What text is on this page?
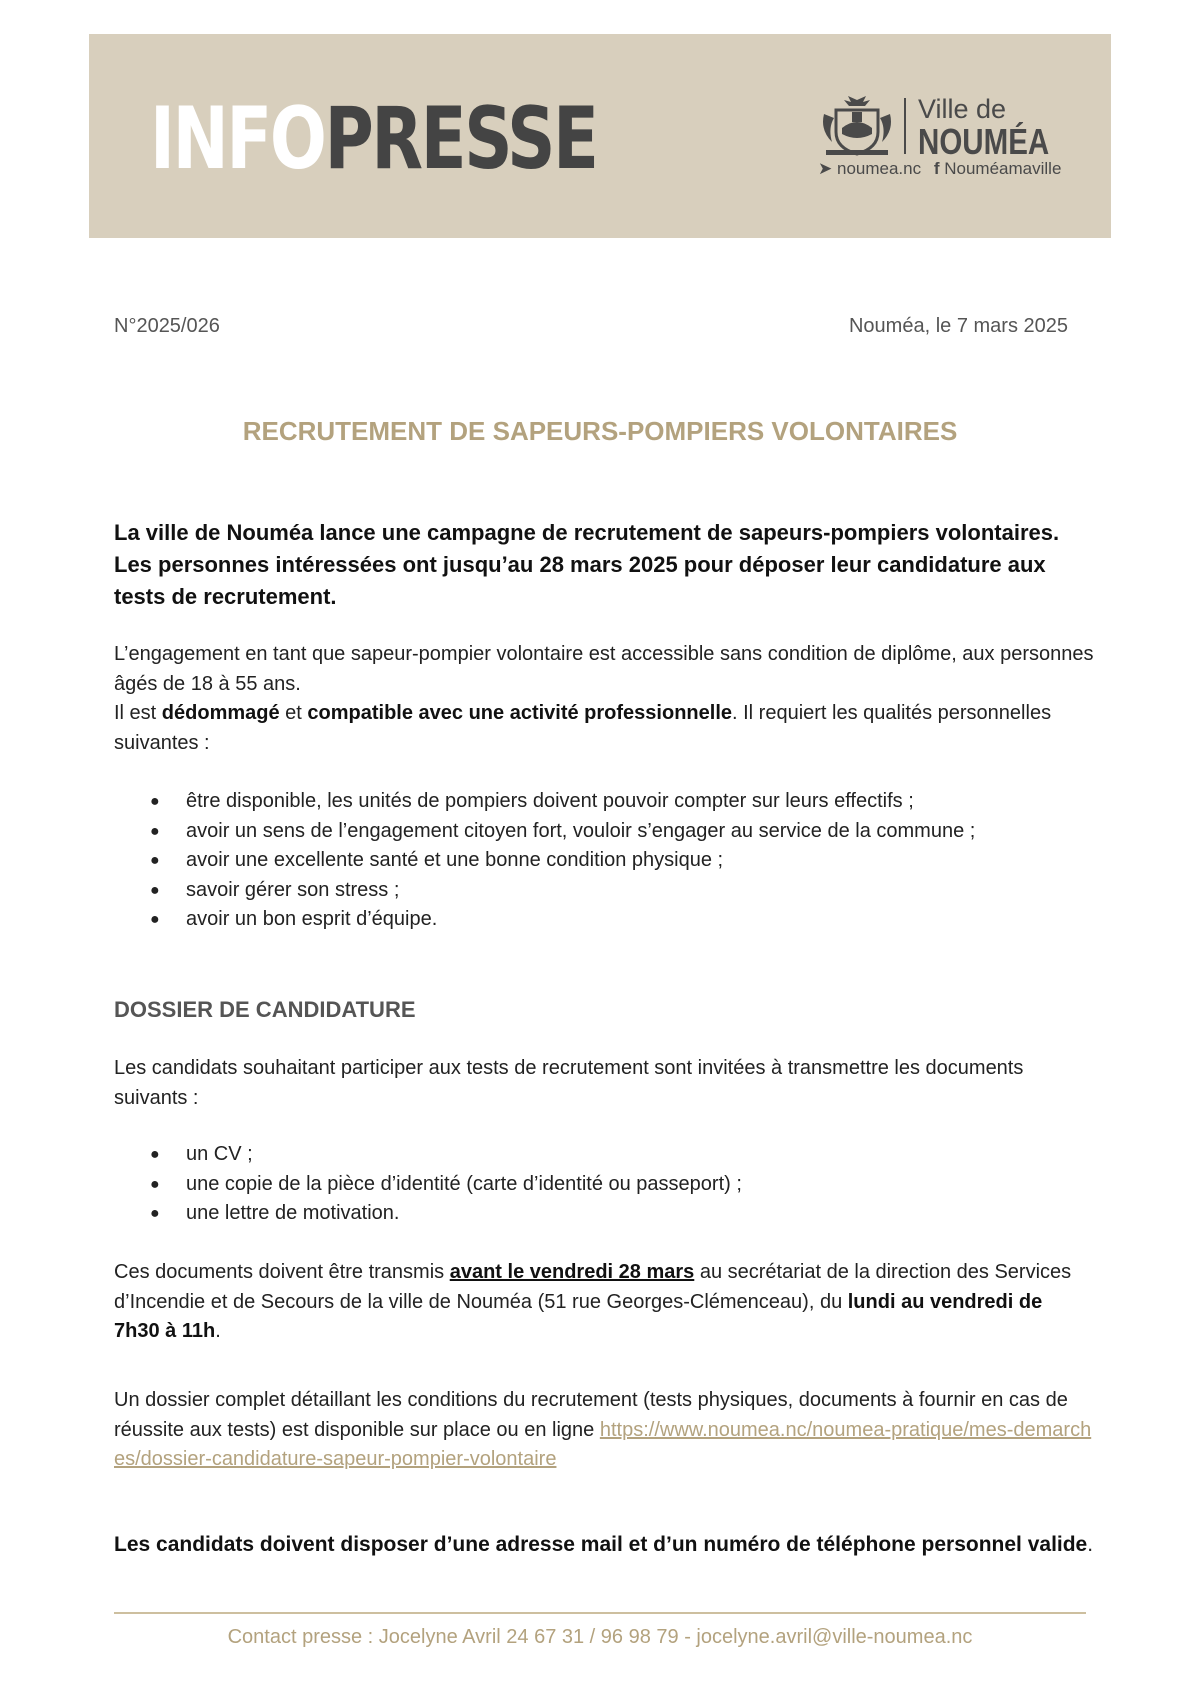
INFOPRESSE	Ville de
NOUMÉA
➤ noumea.nc f Nouméamaville
N°2025/026	Nouméa, le 7 mars 2025
RECRUTEMENT DE SAPEURS-POMPIERS VOLONTAIRES
La ville de Nouméa lance une campagne de recrutement de sapeurs-pompiers volontaires. Les personnes intéressées ont jusqu’au 28 mars 2025 pour déposer leur candidature aux tests de recrutement.
L’engagement en tant que sapeur-pompier volontaire est accessible sans condition de diplôme, aux personnes âgés de 18 à 55 ans.
Il est dédommagé et compatible avec une activité professionnelle. Il requiert les qualités personnelles suivantes :
● être disponible, les unités de pompiers doivent pouvoir compter sur leurs effectifs ;
● avoir un sens de l’engagement citoyen fort, vouloir s’engager au service de la commune ;
● avoir une excellente santé et une bonne condition physique ;
● savoir gérer son stress ;
● avoir un bon esprit d’équipe.
DOSSIER DE CANDIDATURE
Les candidats souhaitant participer aux tests de recrutement sont invitées à transmettre les documents suivants :
● un CV ;
● une copie de la pièce d’identité (carte d’identité ou passeport) ;
● une lettre de motivation.
Ces documents doivent être transmis avant le vendredi 28 mars au secrétariat de la direction des Services d’Incendie et de Secours de la ville de Nouméa (51 rue Georges-Clémenceau), du lundi au vendredi de 7h30 à 11h.
Un dossier complet détaillant les conditions du recrutement (tests physiques, documents à fournir en cas de réussite aux tests) est disponible sur place ou en ligne https://www.noumea.nc/noumea-pratique/mes-demarches/dossier-candidature-sapeur-pompier-volontaire
Les candidats doivent disposer d’une adresse mail et d’un numéro de téléphone personnel valide.
Contact presse : Jocelyne Avril 24 67 31 / 96 98 79 - jocelyne.avril@ville-noumea.nc
